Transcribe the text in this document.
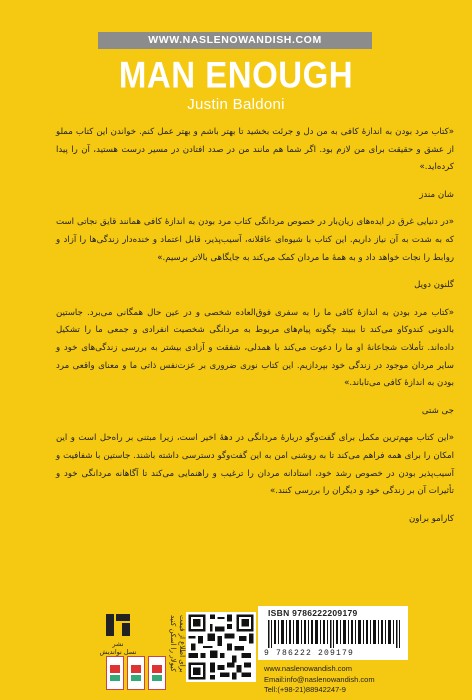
WWW.NASLENOWANDISH.COM
MAN ENOUGH
Justin Baldoni

«کتاب مرد بودن به اندازهٔ کافی به من دل و جرئت بخشید تا بهتر باشم و بهتر عمل کنم. خواندن این کتاب مملو از عشق و حقیقت برای من لازم بود. اگر شما هم مانند من در صدد افتادن در مسیر درست هستید، آن را پیدا کرده‌اید.»

شان مندز

«در دنیایی غرق در ایده‌های زیان‌بار در خصوص مردانگی کتاب مرد بودن به اندازهٔ کافی همانند قایق نجاتی است که به شدت به آن نیاز داریم. این کتاب با شیوه‌ای عاقلانه، آسیب‌پذیر، قابل اعتماد و خنده‌دار زندگی‌ها را آزاد و روابط را نجات خواهد داد و به همهٔ ما مردان کمک می‌کند به جایگاهی بالاتر برسیم.»

گلنون دویل

«کتاب مرد بودن به اندازهٔ کافی ما را به سفری فوق‌العاده شخصی و در عین حال همگانی می‌برد. جاستین بالدونی کندوکاو می‌کند تا ببیند چگونه پیام‌های مربوط به مردانگی شخصیت انفرادی و جمعی ما را تشکیل داده‌اند. تأملات شجاعانهٔ او ما را دعوت می‌کند با همدلی، شفقت و آزادی بیشتر به بررسی زندگی‌های خود و سایر مردان موجود در زندگی خود بپردازیم. این کتاب نوری ضروری بر عزت‌نفس ذاتی ما و معنای واقعی مرد بودن به اندازهٔ کافی می‌تاباند.»

جی شتی

«این کتاب مهم‌ترین مکمل برای گفت‌وگو دربارهٔ مردانگی در دههٔ اخیر است، زیرا مبتنی بر راه‌حل است و این امکان را برای همه فراهم می‌کند تا به روشنی امن به این گفت‌وگو دسترسی داشته باشند. جاستین با شفافیت و آسیب‌پذیر بودن در خصوص رشد خود، استادانه مردان را ترغیب و راهنمایی می‌کند تا آگاهانه مردانگی خود و تأثیرات آن بر زندگی خود و دیگران را بررسی کنند.»

کارامو براون

نشر
نسل نواندیش	برای اطلاع از قیمت کیولار را اسکن کنید
ISBN 9786222209179
9 786222 209179
www.naslenowandish.com
Email:info@naslenowandish.com
Tell:(+98-21)88942247-9
